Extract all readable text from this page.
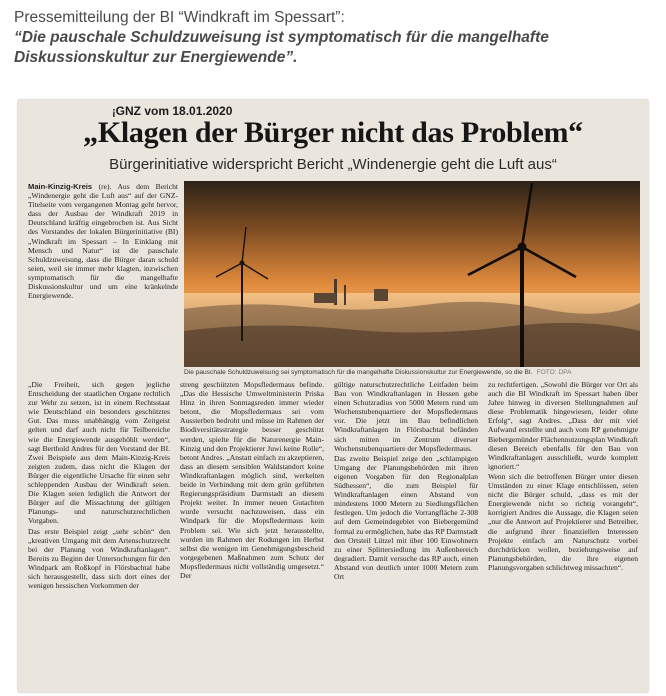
Pressemitteilung der BI “Windkraft im Spessart”:

“Die pauschale Schuldzuweisung ist symptomatisch für die mangelhafte

Diskussionskultur zur Energiewende”.

¡GNZ vom 18.01.2020
„Klagen der Bürger nicht das Problem“
Bürgerinitiative widerspricht Bericht „Windenergie geht die Luft aus“

Main-Kinzig-Kreis (re). Aus dem Bericht „Windenergie geht die Luft aus“ auf der GNZ-Titelseite vom vergangenen Montag geht hervor, dass der Ausbau der Windkraft 2019 in Deutschland kräftig eingebrochen ist. Aus Sicht des Vorstandes der lokalen Bürgerinitiative (BI) „Windkraft im Spessart – In Einklang mit Mensch und Natur“ ist die pauschale Schuldzuweisung, dass die Bürger daran schuld seien, weil sie immer mehr klagten, inzwischen symptomatisch für die mangelhafte Diskussionskultur und um eine kränkelnde Energiewende.

Die pauschale Schuldzuweisung sei symptomatisch für die mangelhafte Diskussionskultur zur Energiewende, so die BI. FOTO: DPA

„Die Freiheit, sich gegen jegliche Entscheidung der staatlichen Organe rechtlich zur Wehr zu setzen, ist in einem Rechtsstaat wie Deutschland ein besonders geschütztes Gut. Das muss unabhängig vom Zeitgeist gelten und darf auch nicht für Teilbereiche wie die Energiewende ausgehöhlt werden“, sagt Berthold Andres für den Vorstand der BI. Zwei Beispiele aus dem Main-Kinzig-Kreis zeigten zudem, dass nicht die Klagen der Bürger die eigentliche Ursache für einen sehr schleppenden Ausbau der Windkraft seien. Die Klagen seien lediglich die Antwort der Bürger auf die Missachtung der gültigen Planungs- und naturschutzrechtlichen Vorgaben.

Das erste Beispiel zeigt „sehr schön“ den „kreativen Umgang mit dem Artenschutzrecht bei der Planung von Windkraftanlagen“. Bereits zu Beginn der Untersuchungen für den Windpark am Roßkopf in Flörsbachtal habe sich herausgestellt, dass sich dort eines der wenigen hessischen Vorkommen der

streng geschützten Mopsfledermaus befinde. „Das die Hessische Umweltministerin Priska Hinz in ihren Sonntagsreden immer wieder betont, die Mopsfledermaus sei vom Aussterben bedroht und müsse im Rahmen der Biodiversitätsstrategie besser geschützt werden, spielte für die Naturenergie Main-Kinzig und den Projektierer Juwi keine Rolle“, betont Andres. „Anstatt einfach zu akzeptieren, dass an diesem sensiblen Waldstandort keine Windkraftanlagen möglich sind, werkelten beide in Verbindung mit dem grün geführten Regierungspräsidium Darmstadt an diesem Projekt weiter. In immer neuen Gutachten wurde versucht nachzuweisen, dass ein Windpark für die Mopsfledermaus kein Problem sei. Wie sich jetzt herausstellte, wurden im Rahmen der Rodungen im Herbst selbst die wenigen im Genehmigungsbescheid vorgegebenen Maßnahmen zum Schutz der Mopsfledermaus nicht vollständig umgesetzt.“ Der

gültige naturschutzrechtliche Leitfaden beim Bau von Windkraftanlagen in Hessen gebe einen Schutzradius von 5000 Metern rund um Wochenstubenquartiere der Mopsfledermaus vor. Die jetzt im Bau befindlichen Windkraftanlagen in Flörsbachtal befänden sich mitten im Zentrum diverser Wochenstubenquartiere der Mopsfledermaus.

Das zweite Beispiel zeige den „schlampigen Umgang der Planungsbehörden mit ihren eigenen Vorgaben für den Regionalplan Südhessen“, die zum Beispiel für Windkraftanlagen einen Abstand von mindestens 1000 Metern zu Siedlungsflächen festlegen. Um jedoch die Vorrangfläche 2-308 auf dem Gemeindegebiet von Biebergemünd formal zu ermöglichen, habe das RP Darmstadt den Ortsteil Lützel mit über 100 Einwohnern zu einer Splittersiedlung im Außenbereich degradiert. Damit versuche das RP auch, einen Abstand von deutlich unter 1000 Metern zum Ort

zu rechtfertigen. „Sowohl die Bürger vor Ort als auch die BI Windkraft im Spessart haben über Jahre hinweg in diversen Stellungnahmen auf diese Problematik hingewiesen, leider ohne Erfolg“, sagt Andres. „Dass der mit viel Aufwand erstellte und auch vom RP genehmigte Biebergemünder Flächennutzungsplan Windkraft diesen Bereich ebenfalls für den Bau von Windkraftanlagen ausschließt, wurde komplett ignoriert.“

Wenn sich die betroffenen Bürger unter diesen Umständen zu einer Klage entschlössen, seien nicht die Bürger schuld, „dass es mit der Energiewende nicht so richtig vorangeht“, korrigiert Andres die Aussage, die Klagen seien „nur die Antwort auf Projektierer und Betreiber, die aufgrund ihrer finanziellen Interessen Projekte einfach am Naturschutz vorbei durchdrücken wollen, beziehungsweise auf Planungsbehörden, die ihre eigenen Planungsvorgaben schlichtweg missachten“.
